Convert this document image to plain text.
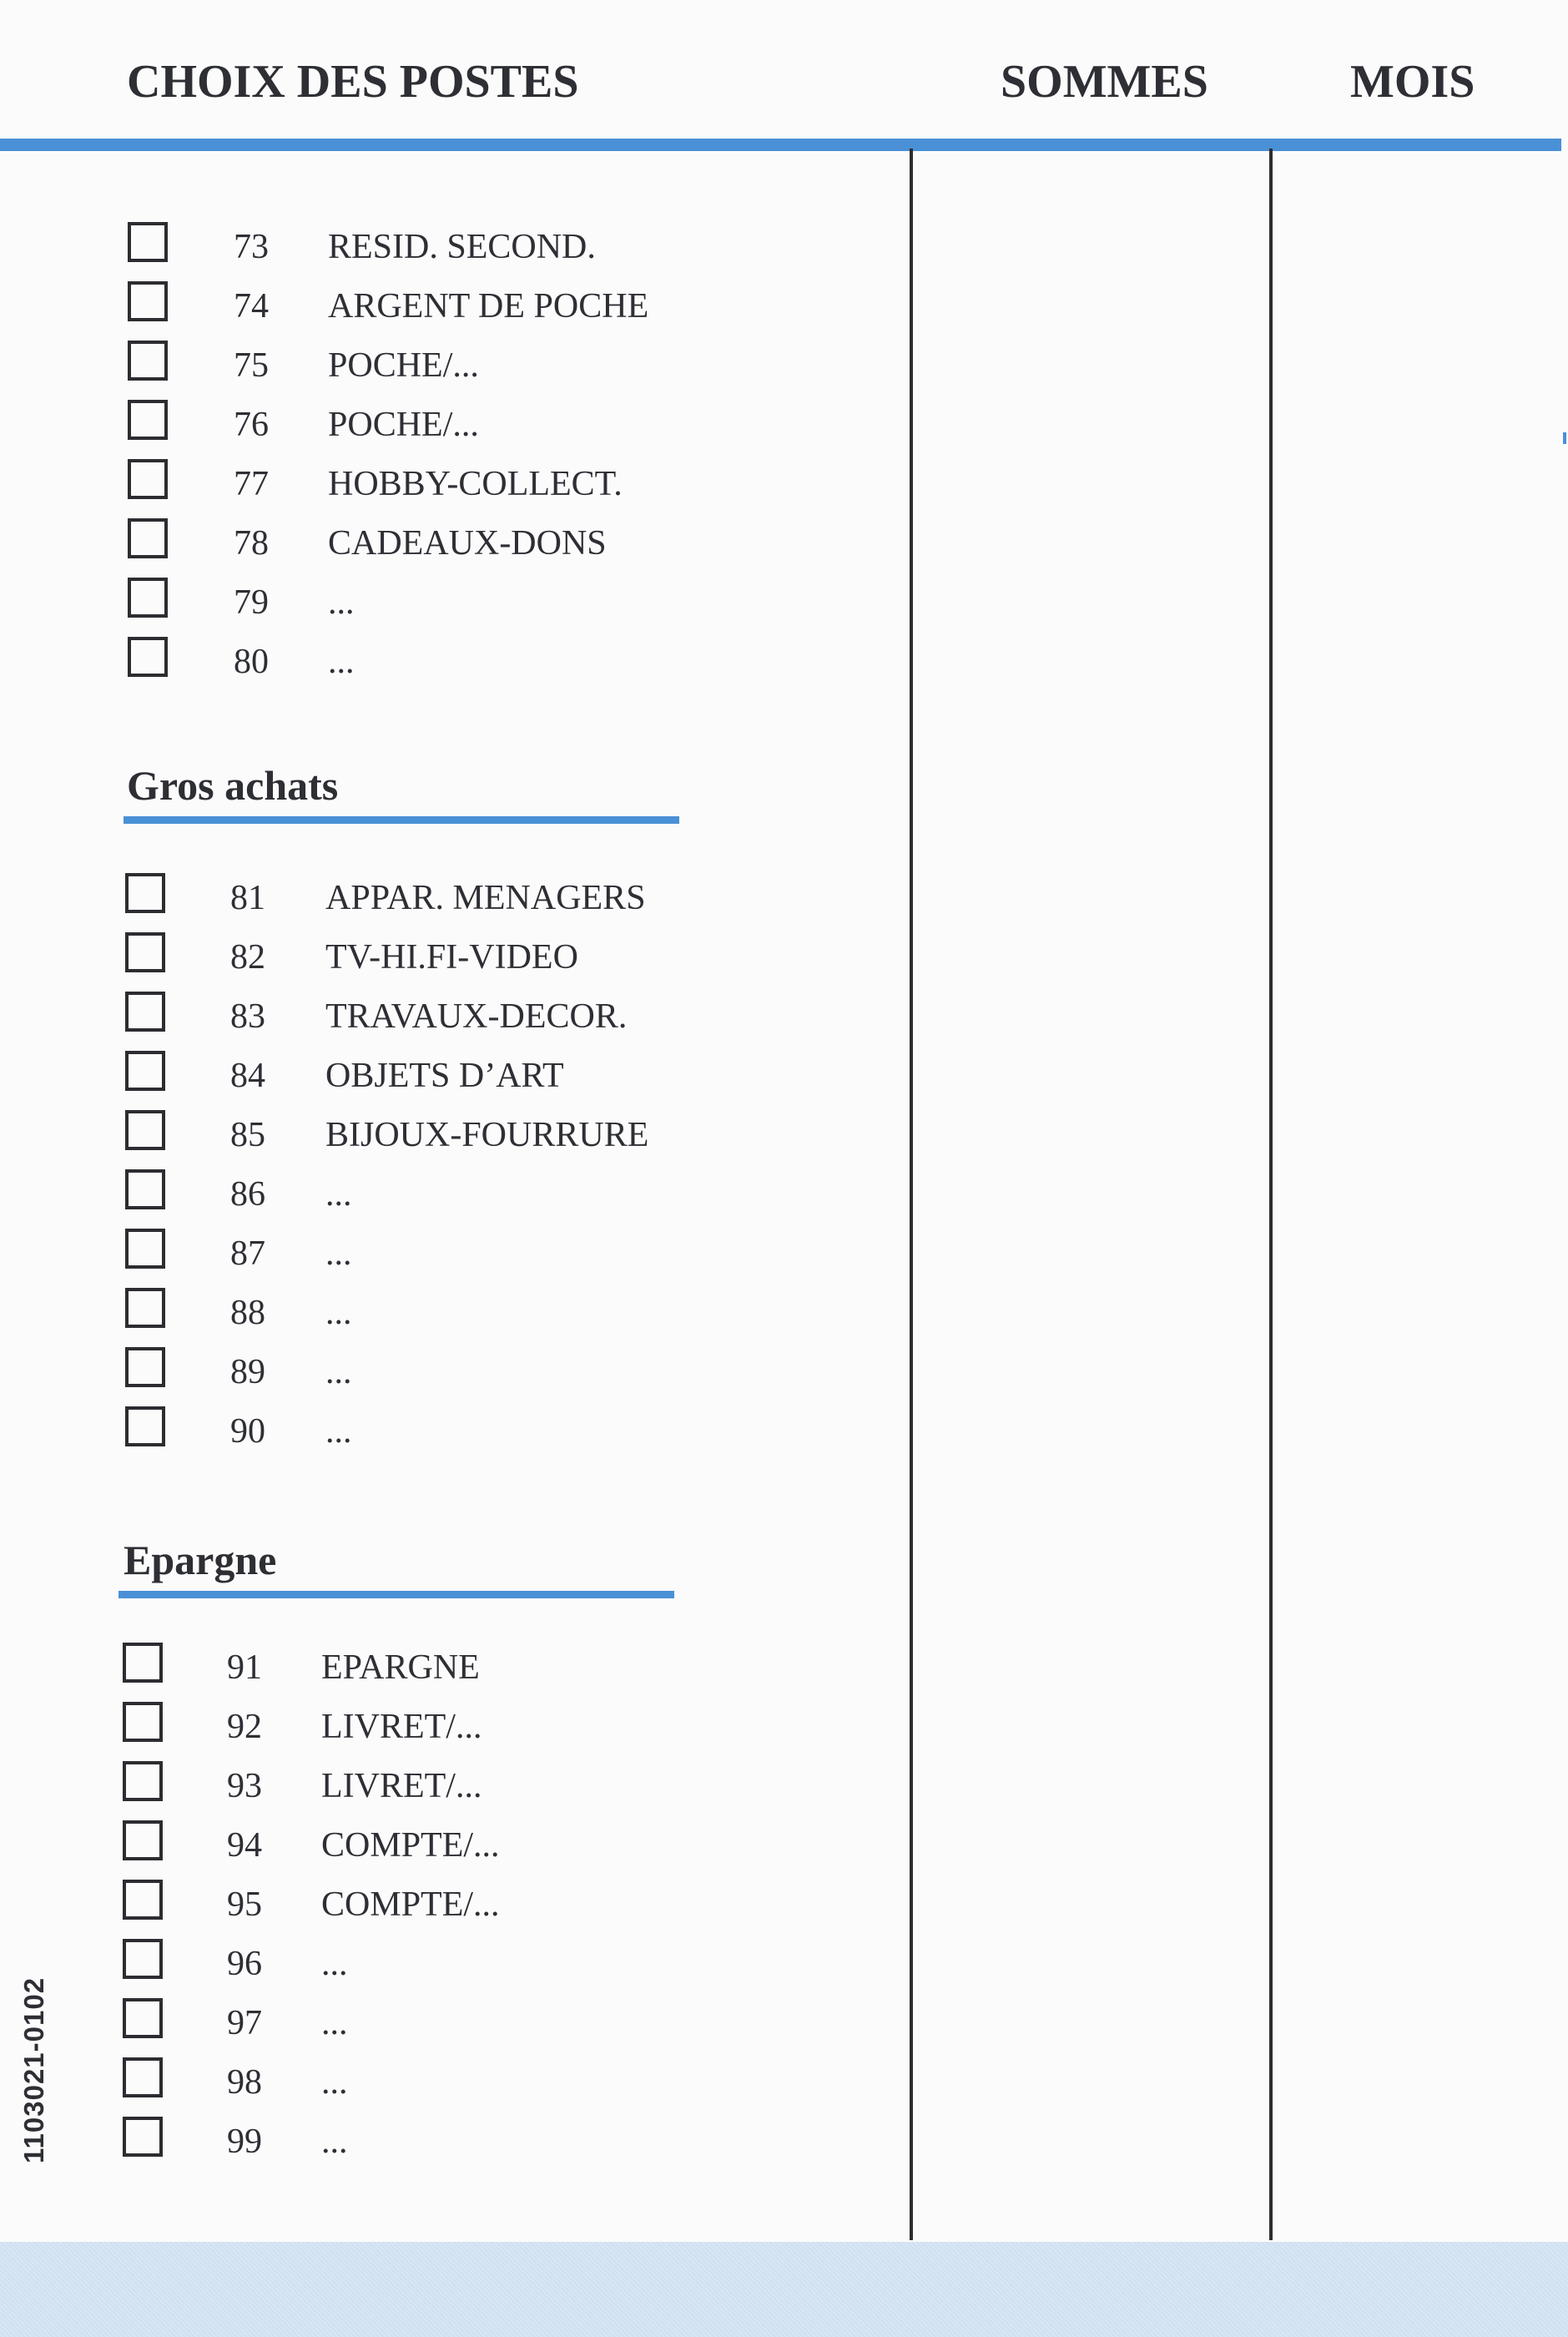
CHOIX DES POSTES	SOMMES	MOIS
Gros achats
Epargne
73 RESID. SECOND.
74 ARGENT DE POCHE
75 POCHE/...
76 POCHE/...
77 HOBBY-COLLECT.
78 CADEAUX-DONS
79 ...
80 ...
81 APPAR. MENAGERS
82 TV-HI.FI-VIDEO
83 TRAVAUX-DECOR.
84 OBJETS D’ART
85 BIJOUX-FOURRURE
86 ...
87 ...
88 ...
89 ...
90 ...
91 EPARGNE
92 LIVRET/...
93 LIVRET/...
94 COMPTE/...
95 COMPTE/...
96 ...
97 ...
98 ...
99 ...
1103021-0102
